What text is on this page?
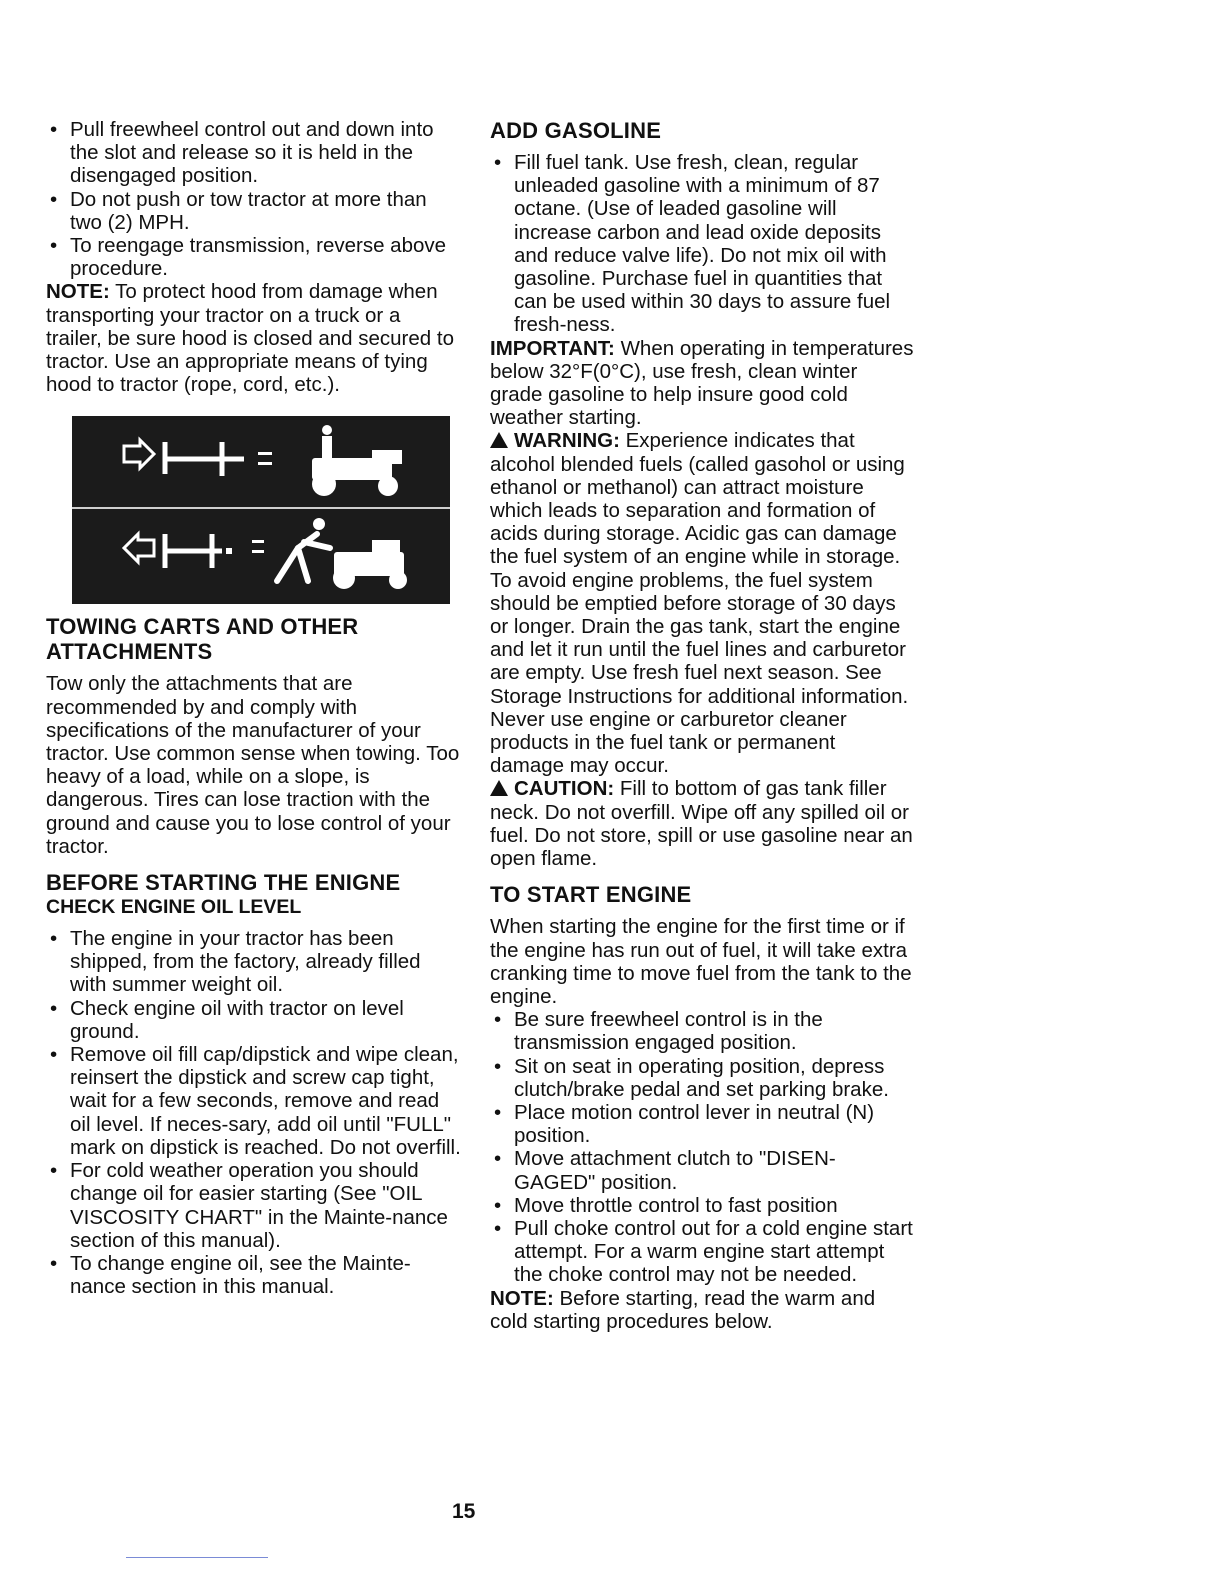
• Pull freewheel control out and down into the slot and release so it is held in the disengaged position.
• Do not push or tow tractor at more than two (2) MPH.
• To reengage transmission, reverse above procedure.

NOTE: To protect hood from damage when transporting your tractor on a truck or a trailer, be sure hood is closed and secured to tractor. Use an appropriate means of tying hood to tractor (rope, cord, etc.).

TOWING CARTS AND OTHER ATTACHMENTS

Tow only the attachments that are recommended by and comply with specifications of the manufacturer of your tractor. Use common sense when towing. Too heavy of a load, while on a slope, is dangerous. Tires can lose traction with the ground and cause you to lose control of your tractor.

BEFORE STARTING THE ENIGNE
CHECK ENGINE OIL LEVEL
• The engine in your tractor has been shipped, from the factory, already filled with summer weight oil.
• Check engine oil with tractor on level ground.
• Remove oil fill cap/dipstick and wipe clean, reinsert the dipstick and screw cap tight, wait for a few seconds, remove and read oil level. If neces-sary, add oil until "FULL" mark on dipstick is reached. Do not overfill.
• For cold weather operation you should change oil for easier starting (See "OIL VISCOSITY CHART" in the Mainte-nance section of this manual).
• To change engine oil, see the Mainte-nance section in this manual.
ADD GASOLINE
• Fill fuel tank. Use fresh, clean, regular unleaded gasoline with a minimum of 87 octane. (Use of leaded gasoline will increase carbon and lead oxide deposits and reduce valve life). Do not mix oil with gasoline. Purchase fuel in quantities that can be used within 30 days to assure fuel fresh-ness.

IMPORTANT: When operating in temperatures below 32°F(0°C), use fresh, clean winter grade gasoline to help insure good cold weather starting.

WARNING: Experience indicates that alcohol blended fuels (called gasohol or using ethanol or methanol) can attract moisture which leads to separation and formation of acids during storage. Acidic gas can damage the fuel system of an engine while in storage. To avoid engine problems, the fuel system should be emptied before storage of 30 days or longer. Drain the gas tank, start the engine and let it run until the fuel lines and carburetor are empty. Use fresh fuel next season. See Storage Instructions for additional information. Never use engine or carburetor cleaner products in the fuel tank or permanent damage may occur.

CAUTION: Fill to bottom of gas tank filler neck. Do not overfill. Wipe off any spilled oil or fuel. Do not store, spill or use gasoline near an open flame.

TO START ENGINE

When starting the engine for the first time or if the engine has run out of fuel, it will take extra cranking time to move fuel from the tank to the engine.

• Be sure freewheel control is in the transmission engaged position.
• Sit on seat in operating position, depress clutch/brake pedal and set parking brake.
• Place motion control lever in neutral (N) position.
• Move attachment clutch to "DISEN-GAGED" position.
• Move throttle control to fast position
• Pull choke control out for a cold engine start attempt. For a warm engine start attempt the choke control may not be needed.

NOTE: Before starting, read the warm and cold starting procedures below.

15
